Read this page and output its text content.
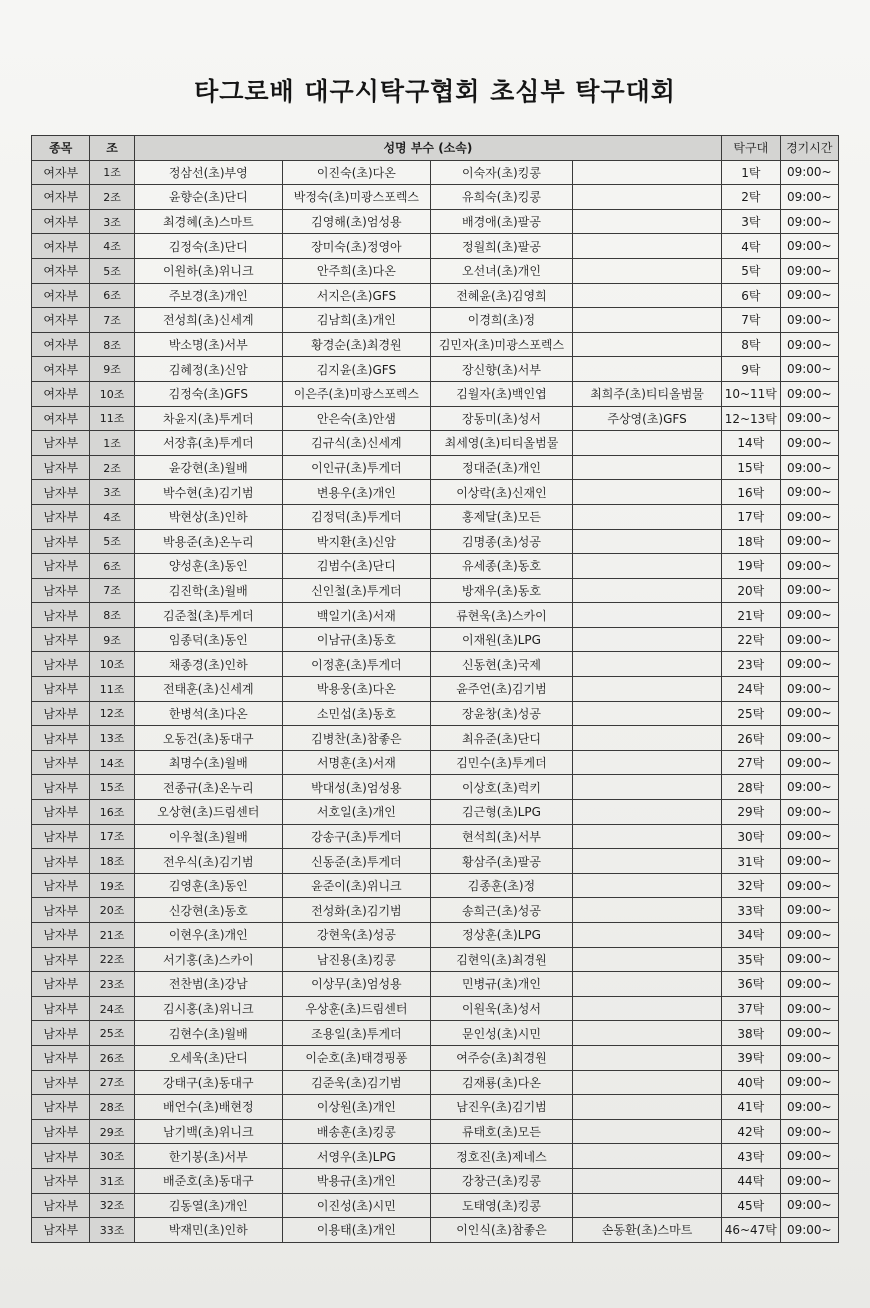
타그로배 대구시탁구협회 초심부 탁구대회
종목	조	성명 부수 (소속)				탁구대	경기시간
여자부	1조	정삼선(초)부영	이진숙(초)다온	이숙자(초)킹콩		1탁	09:00~
여자부	2조	윤향순(초)단디	박정숙(초)미광스포렉스	유희숙(초)킹콩		2탁	09:00~
여자부	3조	최경혜(초)스마트	김영해(초)엄성용	배경애(초)팔공		3탁	09:00~
여자부	4조	김정숙(초)단디	장미숙(초)정영아	정월희(초)팔공		4탁	09:00~
여자부	5조	이원하(초)위니크	안주희(초)다온	오선녀(초)개인		5탁	09:00~
여자부	6조	주보경(초)개인	서지은(초)GFS	전혜윤(초)김영희		6탁	09:00~
여자부	7조	전성희(초)신세계	김남희(초)개인	이경희(초)정		7탁	09:00~
여자부	8조	박소명(초)서부	황경순(초)최경원	김민자(초)미광스포렉스		8탁	09:00~
여자부	9조	김혜정(초)신암	김지윤(초)GFS	장신향(초)서부		9탁	09:00~
여자부	10조	김정숙(초)GFS	이은주(초)미광스포렉스	김월자(초)백인엽	최희주(초)티티올범물	10~11탁	09:00~
여자부	11조	차윤지(초)투게더	안은숙(초)안샘	장동미(초)성서	주상영(초)GFS	12~13탁	09:00~
남자부	1조	서장휴(초)투게더	김규식(초)신세계	최세영(초)티티올범물		14탁	09:00~
남자부	2조	윤강현(초)월배	이인규(초)투게더	정대준(초)개인		15탁	09:00~
남자부	3조	박수현(초)김기범	변용우(초)개인	이상락(초)신재인		16탁	09:00~
남자부	4조	박현상(초)인하	김정덕(초)투게더	홍제달(초)모든		17탁	09:00~
남자부	5조	박용준(초)온누리	박지환(초)신암	김명종(초)성공		18탁	09:00~
남자부	6조	양성훈(초)동인	김범수(초)단디	유세종(초)동호		19탁	09:00~
남자부	7조	김진학(초)월배	신인철(초)투게더	방재우(초)동호		20탁	09:00~
남자부	8조	김준철(초)투게더	백일기(초)서재	류현욱(초)스카이		21탁	09:00~
남자부	9조	임종덕(초)동인	이남규(초)동호	이재원(초)LPG		22탁	09:00~
남자부	10조	채종경(초)인하	이정훈(초)투게더	신동현(초)국제		23탁	09:00~
남자부	11조	전태훈(초)신세계	박용웅(초)다온	윤주언(초)김기범		24탁	09:00~
남자부	12조	한병석(초)다온	소민섭(초)동호	장윤창(초)성공		25탁	09:00~
남자부	13조	오동건(초)동대구	김병찬(초)참좋은	최유준(초)단디		26탁	09:00~
남자부	14조	최명수(초)월배	서명훈(초)서재	김민수(초)투게더		27탁	09:00~
남자부	15조	전종규(초)온누리	박대성(초)엄성용	이상호(초)럭키		28탁	09:00~
남자부	16조	오상현(초)드림센터	서호일(초)개인	김근형(초)LPG		29탁	09:00~
남자부	17조	이우철(초)월배	강송구(초)투게더	현석희(초)서부		30탁	09:00~
남자부	18조	전우식(초)김기범	신동준(초)투게더	황삼주(초)팔공		31탁	09:00~
남자부	19조	김영훈(초)동인	윤준이(초)위니크	김종훈(초)정		32탁	09:00~
남자부	20조	신강현(초)동호	전성화(초)김기범	송희근(초)성공		33탁	09:00~
남자부	21조	이현우(초)개인	강현욱(초)성공	정상훈(초)LPG		34탁	09:00~
남자부	22조	서기홍(초)스카이	남진용(초)킹콩	김현익(초)최경원		35탁	09:00~
남자부	23조	전찬범(초)강남	이상무(초)엄성용	민병규(초)개인		36탁	09:00~
남자부	24조	김시홍(초)위니크	우상훈(초)드림센터	이원욱(초)성서		37탁	09:00~
남자부	25조	김현수(초)월배	조용일(초)투게더	문인성(초)시민		38탁	09:00~
남자부	26조	오세욱(초)단디	이순호(초)태경핑퐁	여주승(초)최경원		39탁	09:00~
남자부	27조	강태구(초)동대구	김준욱(초)김기범	김재룡(초)다온		40탁	09:00~
남자부	28조	배언수(초)배현정	이상원(초)개인	남진우(초)김기범		41탁	09:00~
남자부	29조	남기백(초)위니크	배송훈(초)킹콩	류태호(초)모든		42탁	09:00~
남자부	30조	한기봉(초)서부	서영우(초)LPG	정호진(초)제네스		43탁	09:00~
남자부	31조	배준호(초)동대구	박용규(초)개인	강창근(초)킹콩		44탁	09:00~
남자부	32조	김동열(초)개인	이진성(초)시민	도태영(초)킹콩		45탁	09:00~
남자부	33조	박재민(초)인하	이용태(초)개인	이인식(초)참좋은	손동환(초)스마트	46~47탁	09:00~
